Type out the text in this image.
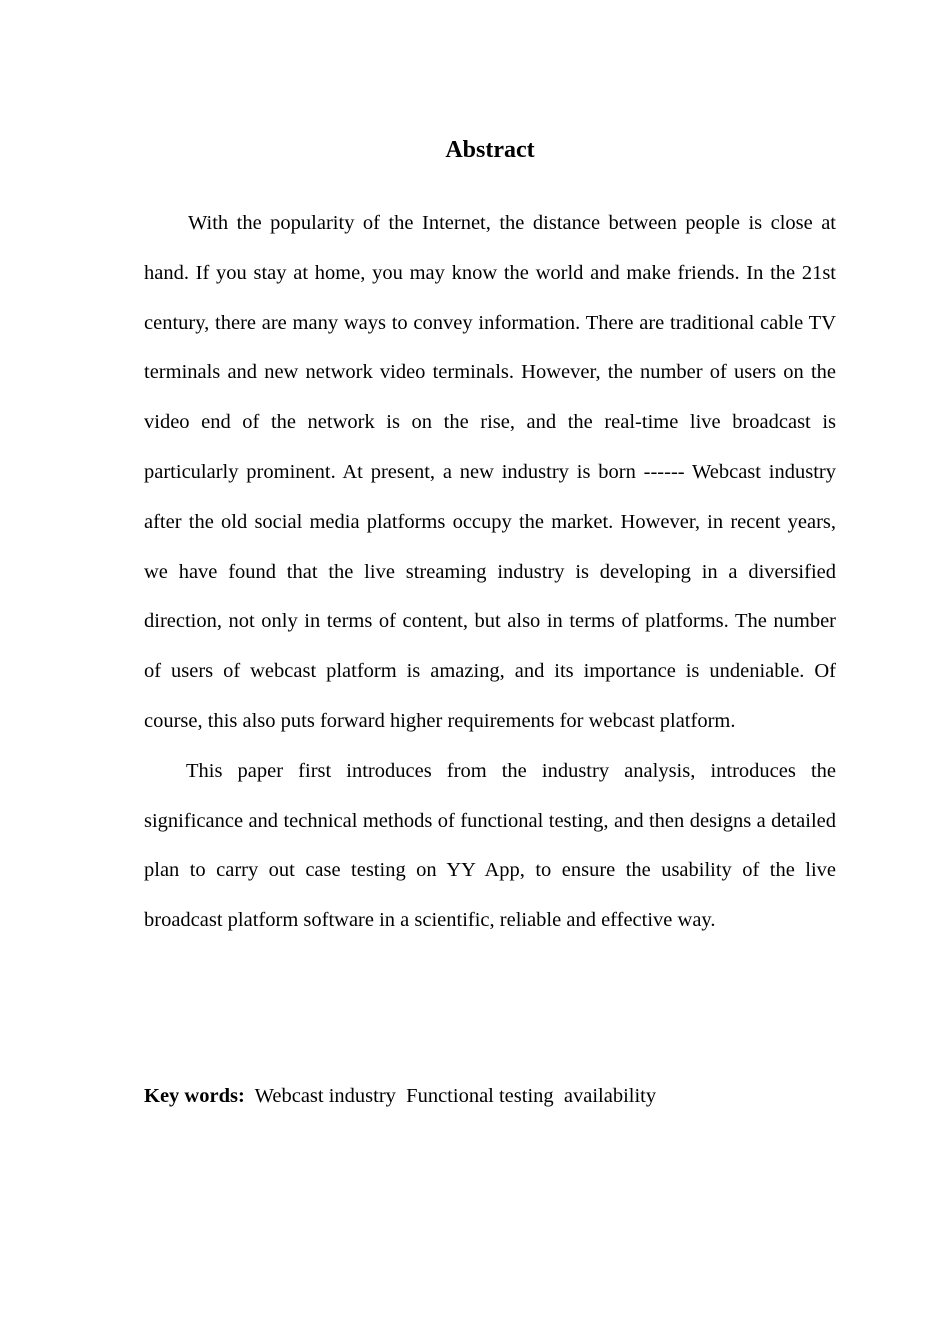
Abstract

With the popularity of the Internet, the distance between people is close at hand. If you stay at home, you may know the world and make friends. In the 21st century, there are many ways to convey information. There are traditional cable TV terminals and new network video terminals. However, the number of users on the video end of the network is on the rise, and the real-time live broadcast is particularly prominent. At present, a new industry is born ------ Webcast industry after the old social media platforms occupy the market. However, in recent years, we have found that the live streaming industry is developing in a diversified direction, not only in terms of content, but also in terms of platforms. The number of users of webcast platform is amazing, and its importance is undeniable. Of course, this also puts forward higher requirements for webcast platform.

This paper first introduces from the industry analysis, introduces the significance and technical methods of functional testing, and then designs a detailed plan to carry out case testing on YY App, to ensure the usability of the live broadcast platform software in a scientific, reliable and effective way.

Key words: Webcast industry Functional testing availability
